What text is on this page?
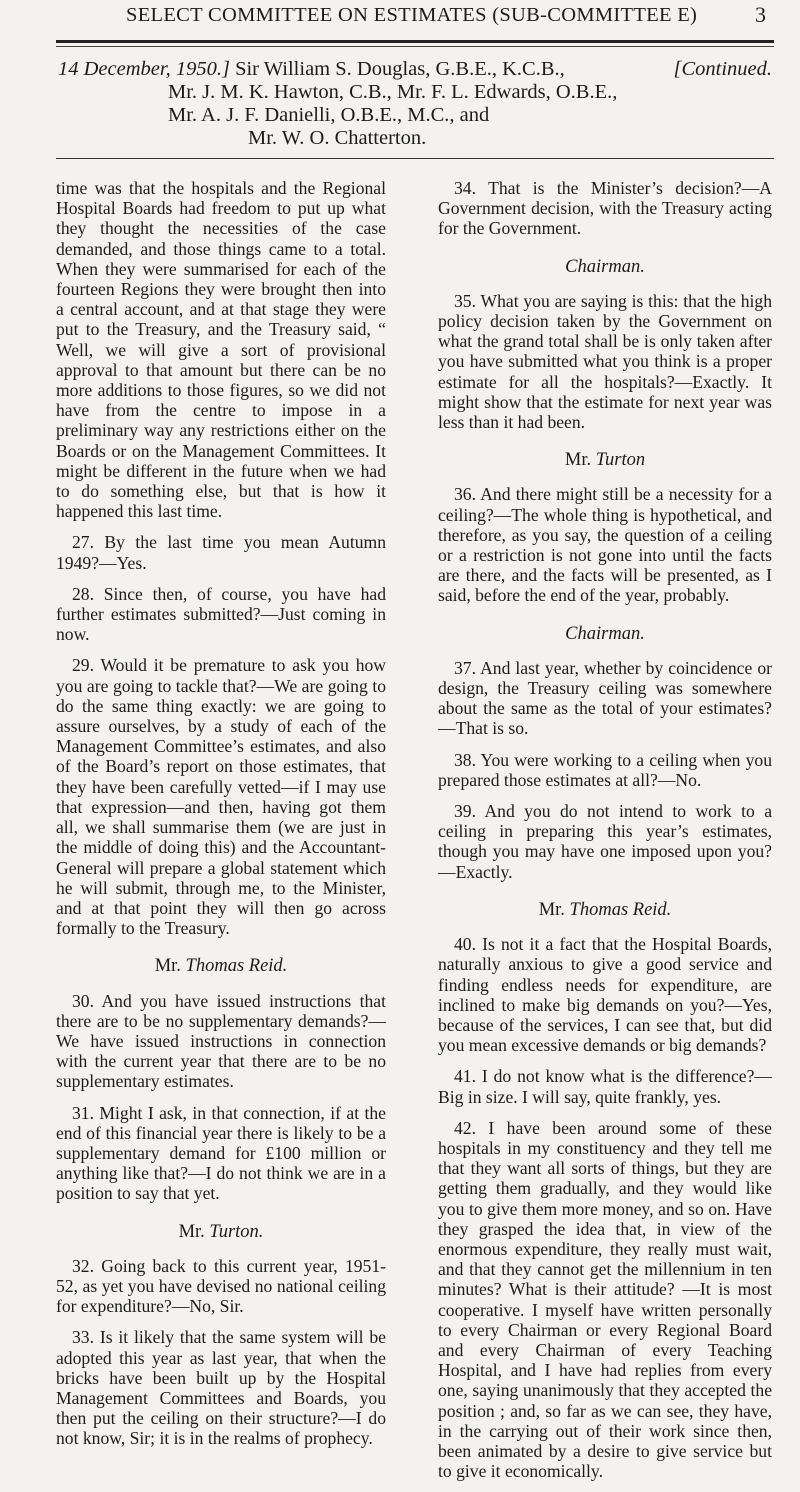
SELECT COMMITTEE ON ESTIMATES (SUB-COMMITTEE E)	3
14 December, 1950.] Sir William S. Douglas, G.B.E., K.C.B.,	[Continued.
Mr. J. M. K. Hawton, C.B., Mr. F. L. Edwards, O.B.E.,
Mr. A. J. F. Danielli, O.B.E., M.C., and
Mr. W. O. Chatterton.

time was that the hospitals and the Regional Hospital Boards had freedom to put up what they thought the necessities of the case demanded, and those things came to a total. When they were summarised for each of the fourteen Regions they were brought then into a central account, and at that stage they were put to the Treasury, and the Treasury said, “ Well, we will give a sort of provisional approval to that amount but there can be no more additions to those figures, so we did not have from the centre to impose in a preliminary way any restrictions either on the Boards or on the Management Committees. It might be different in the future when we had to do something else, but that is how it happened this last time.

27. By the last time you mean Autumn 1949?—Yes.

28. Since then, of course, you have had further estimates submitted?—Just coming in now.

29. Would it be premature to ask you how you are going to tackle that?—We are going to do the same thing exactly: we are going to assure ourselves, by a study of each of the Management Committee’s estimates, and also of the Board’s report on those estimates, that they have been carefully vetted—if I may use that expression—and then, having got them all, we shall summarise them (we are just in the middle of doing this) and the Accountant-General will prepare a global statement which he will submit, through me, to the Minister, and at that point they will then go across formally to the Treasury.

Mr. Thomas Reid.

30. And you have issued instructions that there are to be no supplementary demands?—We have issued instructions in connection with the current year that there are to be no supplementary estimates.

31. Might I ask, in that connection, if at the end of this financial year there is likely to be a supplementary demand for £100 million or anything like that?—I do not think we are in a position to say that yet.

Mr. Turton.

32. Going back to this current year, 1951-52, as yet you have devised no national ceiling for expenditure?—No, Sir.

33. Is it likely that the same system will be adopted this year as last year, that when the bricks have been built up by the Hospital Management Committees and Boards, you then put the ceiling on their structure?—I do not know, Sir; it is in the realms of prophecy.

34. That is the Minister’s decision?—A Government decision, with the Treasury acting for the Government.

Chairman.

35. What you are saying is this: that the high policy decision taken by the Government on what the grand total shall be is only taken after you have submitted what you think is a proper estimate for all the hospitals?—Exactly. It might show that the estimate for next year was less than it had been.

Mr. Turton

36. And there might still be a necessity for a ceiling?—The whole thing is hypothetical, and therefore, as you say, the question of a ceiling or a restriction is not gone into until the facts are there, and the facts will be presented, as I said, before the end of the year, probably.

Chairman.

37. And last year, whether by coincidence or design, the Treasury ceiling was somewhere about the same as the total of your estimates?—That is so.

38. You were working to a ceiling when you prepared those estimates at all?—No.

39. And you do not intend to work to a ceiling in preparing this year’s estimates, though you may have one imposed upon you?—Exactly.

Mr. Thomas Reid.

40. Is not it a fact that the Hospital Boards, naturally anxious to give a good service and finding endless needs for expenditure, are inclined to make big demands on you?—Yes, because of the services, I can see that, but did you mean excessive demands or big demands?

41. I do not know what is the difference?—Big in size. I will say, quite frankly, yes.

42. I have been around some of these hospitals in my constituency and they tell me that they want all sorts of things, but they are getting them gradually, and they would like you to give them more money, and so on. Have they grasped the idea that, in view of the enormous expenditure, they really must wait, and that they cannot get the millennium in ten minutes? What is their attitude? —It is most cooperative. I myself have written personally to every Chairman or every Regional Board and every Chairman of every Teaching Hospital, and I have had replies from every one, saying unanimously that they accepted the position ; and, so far as we can see, they have, in the carrying out of their work since then, been animated by a desire to give service but to give it economically.
